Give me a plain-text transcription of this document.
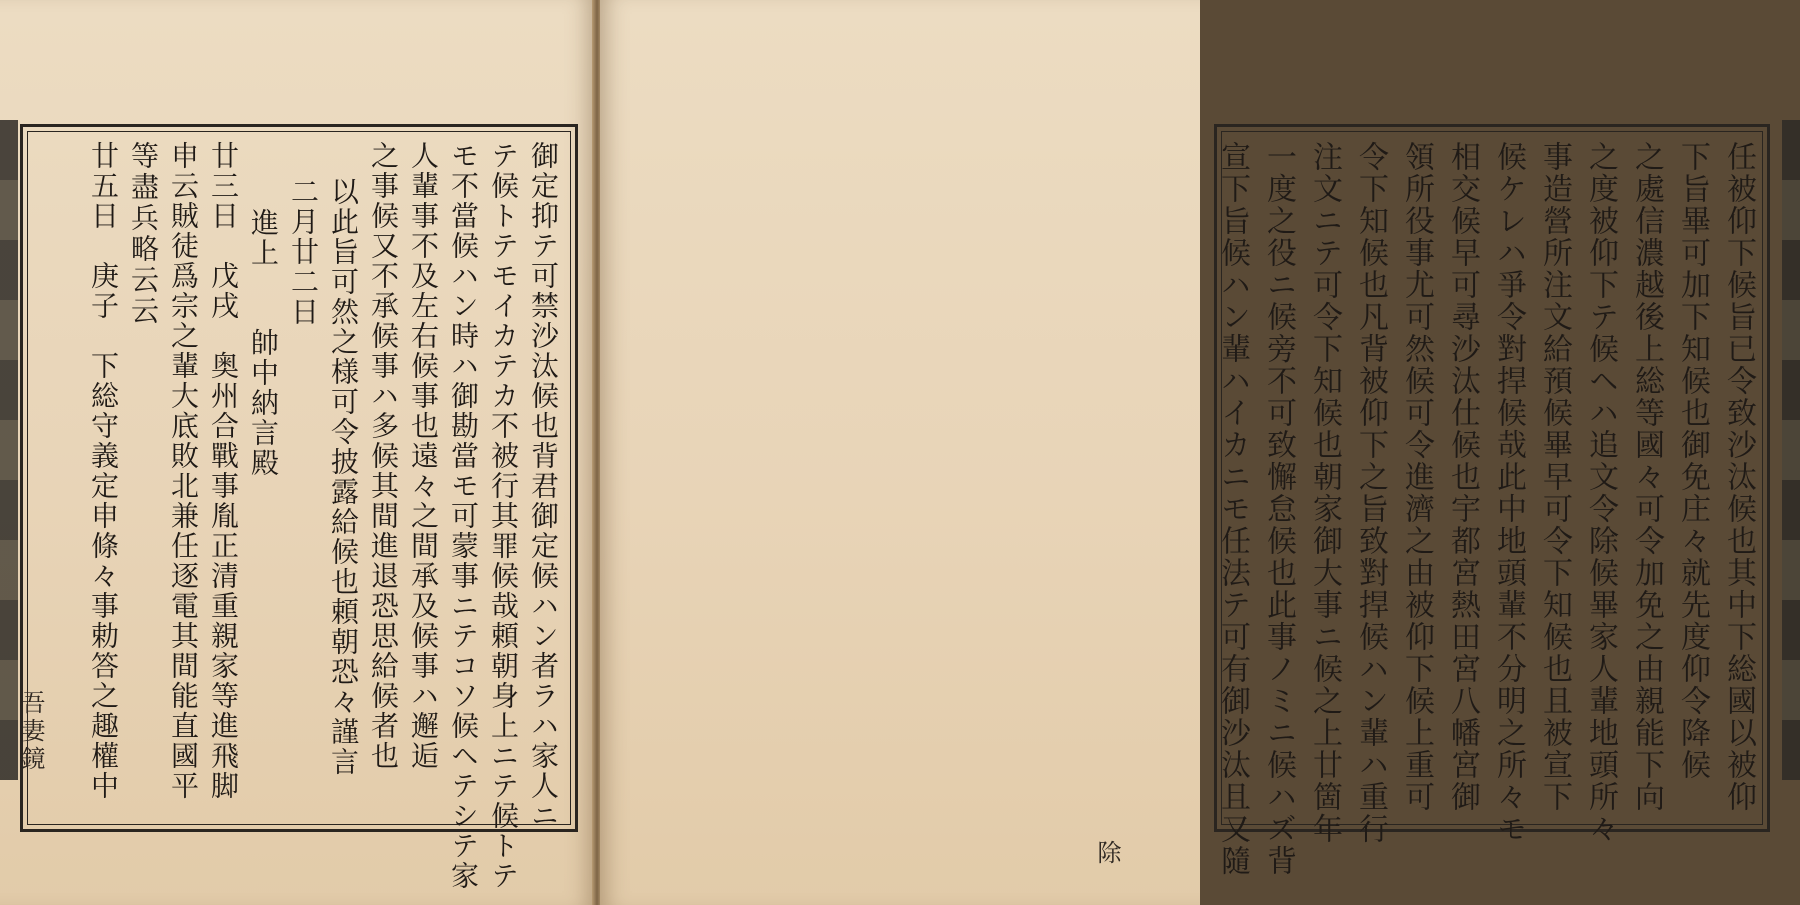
御定抑テ可禁沙汰候也背君御定候ハン者ラハ家人ニ
テ候トテモイカテカ不被行其罪候哉頼朝身上ニテ候トテ
モ不當候ハン時ハ御勘當モ可蒙事ニテコソ候ヘテシテ家
人輩事不及左右候事也遠々之間承及候事ハ邂逅
之事候又不承候事ハ多候其間進退恐思給候者也
以此旨可然之様可令披露給候也頼朝恐々謹言
二月廿二日
進上　　帥中納言殿
廿三日　戊戌　奥州合戰事胤正清重親家等進飛脚
申云賊徒爲宗之輩大底敗北兼任逐電其間能直國平
等盡兵略云云
廿五日　庚子　下総守義定申條々事勅答之趣權中	任被仰下候旨已令致沙汰候也其中下総國以被仰
下旨畢可加下知候也御免庄々就先度仰令降候
之處信濃越後上総等國々可令加免之由親能下向
之度被仰下テ候ヘハ追文令除候畢家人輩地頭所々
事造營所注文給預候畢早可令下知候也且被宣下
候ケレハ爭令對捍候哉此中地頭輩不分明之所々モ
相交候早可尋沙汰仕候也宇都宮熱田宮八幡宮御
領所役事尤可然候可令進濟之由被仰下候上重可
令下知候也凡背被仰下之旨致對捍候ハン輩ハ重行
注文ニテ可令下知候也朝家御大事ニ候之上廿箇年
一度之役ニ候旁不可致懈怠候也此事ノミニ候ハズ背
宣下旨候ハン輩ハイカニモ任法テ可有御沙汰且又隨
除
吾妻鏡
